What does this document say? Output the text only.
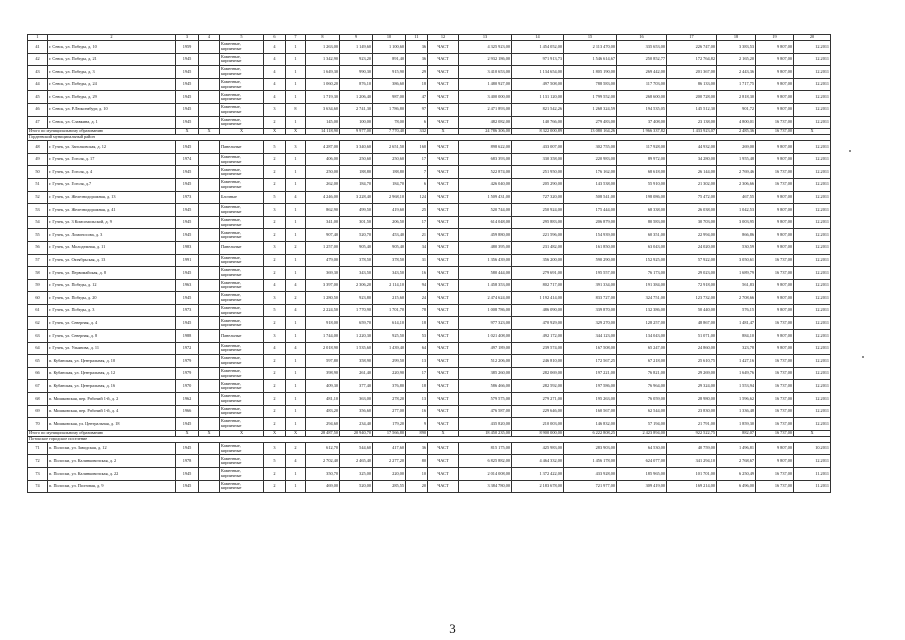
1	2	3	4	5	6	7	8	9	10	11	12	13	14	15	16	17	18	19	20
41	г. Севск, ул. Победы, д. 10	1959		Каменные, кирпичные	4	1	1 263,00	1 149,60	1 100,60	36	ЧАСТ	4 325 923,00	1 454 052,00	2 113 470,00	335 653,00	226 747,00	3 383,53	9 807,00	12.2011
42	г. Севск, ул. Победы, д. 21	1945		Каменные, кирпичные	4	1	1 342,90	923,20	891,40	36	ЧАСТ	2 932 186,00	971 913,73	1 546 614,67	250 852,77	172 764,82	2 165,20	9 807,00	12.2011
43	г. Севск, ул. Победы, д. 3	1945		Каменные, кирпичные	4	1	1 649,30	990,30	915,90	29	ЧАСТ	3 410 653,00	1 134 654,00	1 805 190,00	269 442,00	201 367,00	2 443,36	9 807,00	12.2011
44	г. Севск, ул. Победы, д. 24	1945		Каменные, кирпичные	4	1	1 060,20	876,10	386,60	18	ЧАСТ	1 480 927,00	497 508,00	788 583,00	117 703,00	86 133,00	1 717,75	9 807,00	12.2011
45	г. Севск, ул. Победы, д. 29	1945		Каменные, кирпичные	4	1	1 719,30	1 206,40	987,00	47	ЧАСТ	3 400 000,00	1 131 120,00	1 799 552,00	268 600,00	200 728,00	2 818,30	9 807,00	12.2011
46	г. Севск, ул. Р.Люксембург, д. 10	1945		Каменные, кирпичные	3	8	3 634,60	2 741,30	1 786,80	97	ЧАСТ	2 471 893,00	821 542,26	1 268 324,59	194 535,05	145 512,30	901,72	9 807,00	12.2011
47	г. Севск, ул. Славкина, д. 1	1945		Каменные, кирпичные	2	1	145,00	100,00	78,00	6	ЧАСТ	482 082,00	140 766,00	279 483,00	37 408,00	23 138,00	4 800,01	16 737,00	12.2011
Итого по муниципальному образованию		X	X	X	X	X	14 118,90	9 977,00	7 770,40	332	X	24 786 306,00	8 322 000,89	13 080 164,26	1 966 337,82	1 433 923,07	2 485,36	16 737,00	X
Гордеевский муниципальный район																			
48	г. Гучек, ул. Заголковская, д. 12	1945		Панельные	5	3	4 287,00	3 340,60	2 651,50	160	ЧАСТ	898 622,00	433 007,00	302 755,00	117 928,00	44 932,00	269,00	9 807,00	12.2011
49	г. Гучек, ул. Гоголя, д. 17	1974		Каменные, кирпичные	2	1	406,00	250,60	250,60	17	ЧАСТ	683 393,00	330 358,00	220 983,00	89 972,00	34 280,00	1 955,48	9 807,00	12.2011
50	г. Гучек, ул. Гоголя, д. 4	1945		Каменные, кирпичные	2	1	250,00	188,80	188,80	7	ЧАСТ	522 874,00	251 950,00	176 162,00	68 618,00	26 144,00	2 769,46	16 737,00	12.2011
51	г. Гучек, ул. Гоголя, д.7	1945		Каменные, кирпичные	2	1	262,00	184,70	184,70	6	ЧАСТ	426 040,00	205 290,00	143 538,00	55 910,00	21 302,00	2 306,66	16 737,00	12.2011
52	г. Гучек, ул. Железнодорожная, д. 13	1973		Блочные	5	4	4 246,00	3 228,40	2 968,10	124	ЧАСТ	1 509 431,00	727 320,00	508 541,00	198 086,00	75 472,00	467,55	9 807,00	12.2011
53	г. Гучек, ул. Железнодорожная, д. 41	1945		Каменные, кирпичные	3	1	862,90	499,50	419,60	25	ЧАСТ	520 744,00	250 924,00	175 444,00	68 338,00	26 038,00	1 042,53	9 807,00	12.2011
54	г. Гучек, ул. 3 Комсомольской, д. 9	1945		Каменные, кирпичные	2	1	341,00	301,50	206,50	17	ЧАСТ	614 048,00	295 883,00	206 879,00	80 583,00	30 703,00	3 003,95	9 807,00	12.2011
55	г. Гучек, ул. Ломоносова, д. 3	1945		Каменные, кирпичные	2	1	907,40	520,70	453,40	21	ЧАСТ	459 880,00	221 596,00	154 939,00	60 351,00	22 994,00	866,86	9 807,00	12.2011
56	г. Гучек, ул. Молодежная, д. 11	1983		Панельные	3	2	1 257,00	905,40	905,40	34	ЧАСТ	480 395,00	231 482,00	161 850,00	63 043,00	24 020,00	530,59	9 807,00	12.2011
57	г. Гучек, ул. Октябрьская, д. 13	1991		Каменные, кирпичные	2	1	479,00	378,50	378,50	31	ЧАСТ	1 356 439,00	356 200,00	590 290,00	152 925,00	57 922,00	3 050,61	16 737,00	12.2011
58	г. Гучек, ул. Первомайская, д. 8	1945		Каменные, кирпичные	2	1	369,30	343,50	343,50	16	ЧАСТ	580 444,00	279 691,00	195 557,00	76 173,00	29 023,00	1 689,79	16 737,00	12.2011
59	г. Гучек, ул. Победы, д. 12	1963		Каменные, кирпичные	4	4	3 397,00	2 306,20	2 114,10	94	ЧАСТ	1 458 353,00	802 717,00	391 334,00	191 384,00	72 918,00	561,83	9 807,00	12.2011
60	г. Гучек, ул. Победы, д. 20	1945		Каменные, кирпичные	3	2	1 280,50	923,80	215,60	24	ЧАСТ	2 474 624,00	1 192 414,00	833 727,00	324 751,00	123 732,00	2 708,66	9 807,00	12.2011
61	г. Гучек, ул. Победы, д. 3	1973		Каменные, кирпичные	5	4	2 224,50	1 770,90	1 701,70	78	ЧАСТ	1 008 786,00	486 090,00	339 870,00	132 386,00	50 440,00	576,15	9 807,00	12.2011
62	г. Гучек, ул. Северная, д. 4	1945		Каменные, кирпичные	2	1	918,00	659,70	614,10	18	ЧАСТ	977 323,00	470 929,00	329 270,00	128 257,00	48 867,00	1 481,47	16 737,00	12.2011
63	г. Гучек, ул. Северная, д. 8	1988		Панельные	3	1	1 744,00	1 220,30	925,50	53	ЧАСТ	1 021 408,00	492 172,00	344 123,00	134 043,00	51 071,00	884,10	9 807,00	12.2011
64	г. Гучек, ул. Ульянова, д. 11	1972		Каменные, кирпичные	4	4	2 018,90	1 535,60	1 439,40	64	ЧАСТ	497 189,00	239 574,00	167 508,00	65 247,00	24 860,00	323,78	9 807,00	12.2011
65	п. Кубанская, ул. Центральная, д. 10	1979		Каменные, кирпичные	2	1	597,80	358,90	299,50	13	ЧАСТ	512 206,00	246 810,00	172 567,25	67 218,00	25 610,75	1 427,16	16 737,00	12.2011
66	п. Кубанская, ул. Центральная, д. 12	1979		Каменные, кирпичные	2	1	398,90	261,40	220,90	17	ЧАСТ	385 260,00	282 069,00	197 221,00	76 821,00	29 269,00	1 649,76	16 737,00	12.2011
67	п. Кубанская, ул. Центральная, д. 16	1970		Каменные, кирпичные	2	1	409,30	377,40	376,80	18	ЧАСТ	586 466,00	282 592,00	197 586,00	76 964,00	29 324,00	1 553,94	16 737,00	12.2011
68	п. Мишковская, пер. Рабочий 1-й, д. 2	1962		Каменные, кирпичные	2	1	481,10	363,00	278,20	13	ЧАСТ	579 575,00	279 271,00	195 263,00	76 059,00	28 980,00	1 596,62	16 737,00	12.2011
69	п. Мишковская, пер. Рабочий 1-й, д. 4	1966		Каменные, кирпичные	2	1	483,20	356,60	277,00	16	ЧАСТ	476 587,00	229 646,00	160 567,00	62 544,00	23 830,00	1 336,48	16 737,00	12.2011
70	п. Мишковская, ул. Центральная, д. 18	1945		Каменные, кирпичные	2	1	294,60	234,40	179,20	9	ЧАСТ	435 820,00	210 003,00	146 832,00	57 194,00	21 791,00	1 859,30	16 737,00	12.2011
Итого по муниципальному образованию		X	X	X	X	X	28 487,50	20 940,70	17 566,80	890	X	18 450 235,00	8 900 000,00	6 222 808,25	2 423 894,00	922 522,75	882,07	16 737,00	X
Потокское городское поселение																			
71	п. Полоски, ул. Заводская, д. 12	1945		Каменные, кирпичные	3	2	612,70	544,60	417,60	36	ЧАСТ	815 175,00	425 983,00	283 903,00	64 530,00	40 759,00	1 496,81	9 807,00	10.2011
72	п. Полоски, ул. Калинковичская, д. 2	1978		Каменные, кирпичные	5	4	2 702,40	2 465,40	2 277,20	80	ЧАСТ	6 825 882,00	4 464 332,00	1 456 178,00	624 077,00	341 294,10	2 768,67	9 807,00	12.2011
73	п. Полоски, ул. Калинковичская, д. 22	1945		Каменные, кирпичные	2	1	350,70	325,00	220,00	10	ЧАСТ	2 014 008,00	1 372 422,00	433 928,00	185 965,00	101 701,00	6 250,49	16 737,00	11.2011
74	п. Полоски, ул. Полтовая, д. 9	1945		Каменные, кирпичные	2	1	469,00	520,00	285,55	20	ЧАСТ	3 384 780,00	2 183 678,00	721 977,00	309 419,00	169 214,00	6 496,00	16 737,00	11.2011
3
